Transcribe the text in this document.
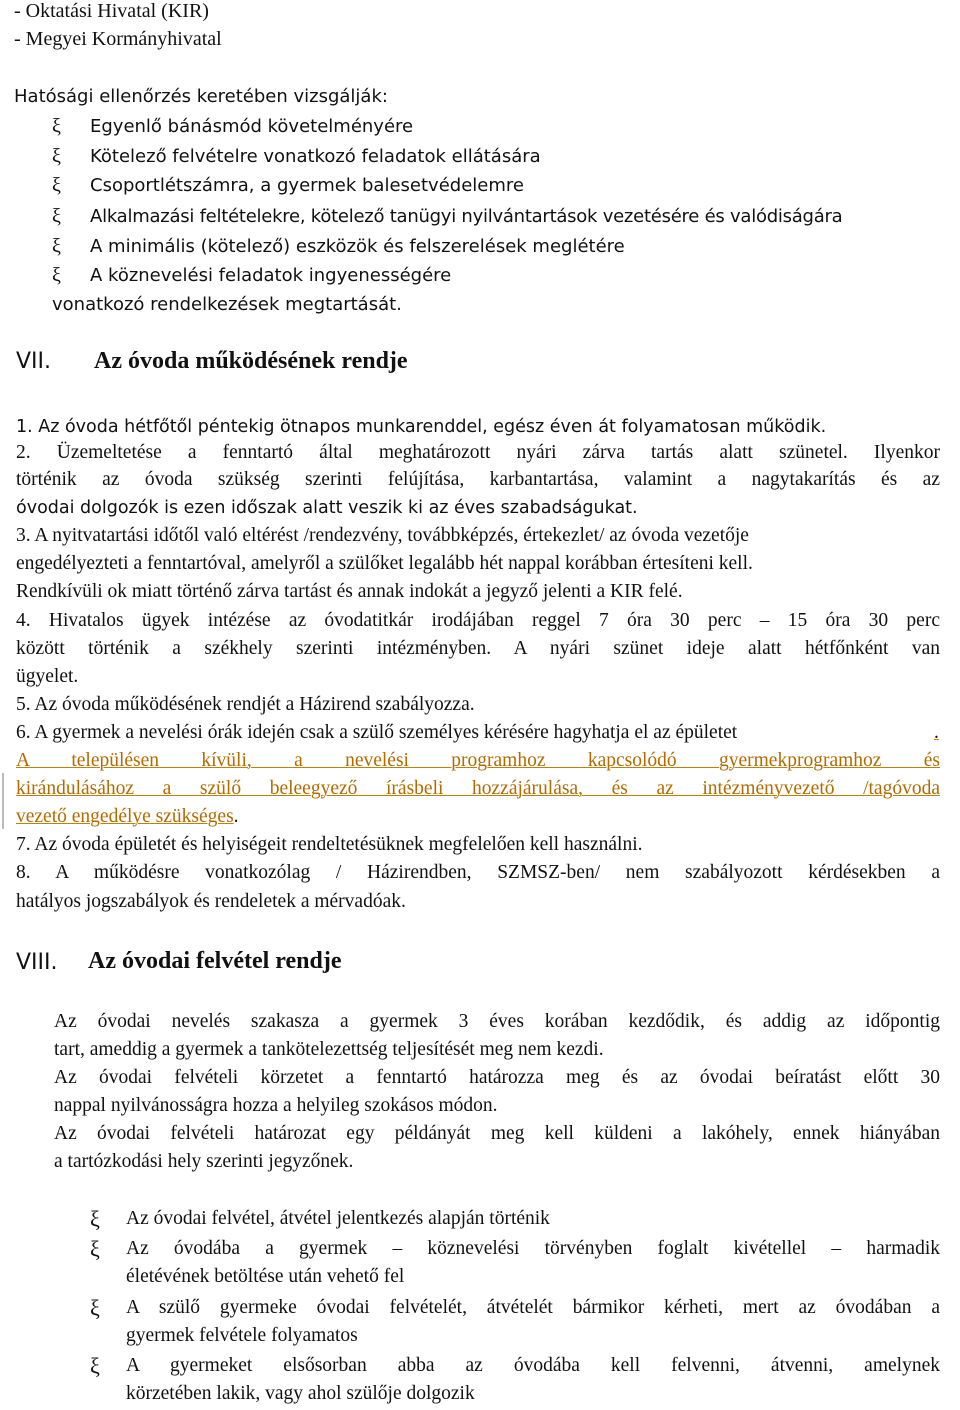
- Oktatási Hivatal (KIR)
- Megyei Kormányhivatal
Hatósági ellenőrzés keretében vizsgálják:
ξ Egyenlő bánásmód követelményére
ξ Kötelező felvételre vonatkozó feladatok ellátására
ξ Csoportlétszámra, a gyermek balesetvédelemre
ξ Alkalmazási feltételekre, kötelező tanügyi nyilvántartások vezetésére és valódiságára
ξ A minimális (kötelező) eszközök és felszerelések meglétére
ξ A köznevelési feladatok ingyenességére
vonatkozó rendelkezések megtartását.
VII. Az óvoda működésének rendje
1. Az óvoda hétfőtől péntekig ötnapos munkarenddel, egész éven át folyamatosan működik.
2. Üzemeltetése a fenntartó által meghatározott nyári zárva tartás alatt szünetel. Ilyenkor
történik az óvoda szükség szerinti felújítása, karbantartása, valamint a nagytakarítás és az
óvodai dolgozók is ezen időszak alatt veszik ki az éves szabadságukat.
3. A nyitvatartási időtől való eltérést /rendezvény, továbbképzés, értekezlet/ az óvoda vezetője
engedélyezteti a fenntartóval, amelyről a szülőket legalább hét nappal korábban értesíteni kell.
Rendkívüli ok miatt történő zárva tartást és annak indokát a jegyző jelenti a KIR felé.
4. Hivatalos ügyek intézése az óvodatitkár irodájában reggel 7 óra 30 perc – 15 óra 30 perc
között történik a székhely szerinti intézményben. A nyári szünet ideje alatt hétfőnként van
ügyelet.
5. Az óvoda működésének rendjét a Házirend szabályozza.
6. A gyermek a nevelési órák idején csak a szülő személyes kérésére hagyhatja el az épületet	.
A településen kívüli, a nevelési programhoz kapcsolódó gyermekprogramhoz és
kirándulásához a szülő beleegyező írásbeli hozzájárulása, és az intézményvezető /tagóvoda
vezető engedélye szükséges.
7. Az óvoda épületét és helyiségeit rendeltetésüknek megfelelően kell használni.
8. A működésre vonatkozólag / Házirendben, SZMSZ-ben/ nem szabályozott kérdésekben a
hatályos jogszabályok és rendeletek a mérvadóak.
VIII. Az óvodai felvétel rendje
Az óvodai nevelés szakasza a gyermek 3 éves korában kezdődik, és addig az időpontig
tart, ameddig a gyermek a tankötelezettség teljesítését meg nem kezdi.
Az óvodai felvételi körzetet a fenntartó határozza meg és az óvodai beíratást előtt 30
nappal nyilvánosságra hozza a helyileg szokásos módon.
Az óvodai felvételi határozat egy példányát meg kell küldeni a lakóhely, ennek hiányában
a tartózkodási hely szerinti jegyzőnek.
ξ Az óvodai felvétel, átvétel jelentkezés alapján történik
ξ Az óvodába a gyermek – köznevelési törvényben foglalt kivétellel – harmadik
életévének betöltése után vehető fel
ξ A szülő gyermeke óvodai felvételét, átvételét bármikor kérheti, mert az óvodában a
gyermek felvétele folyamatos
ξ A gyermeket elsősorban abba az óvodába kell felvenni, átvenni, amelynek
körzetében lakik, vagy ahol szülője dolgozik
